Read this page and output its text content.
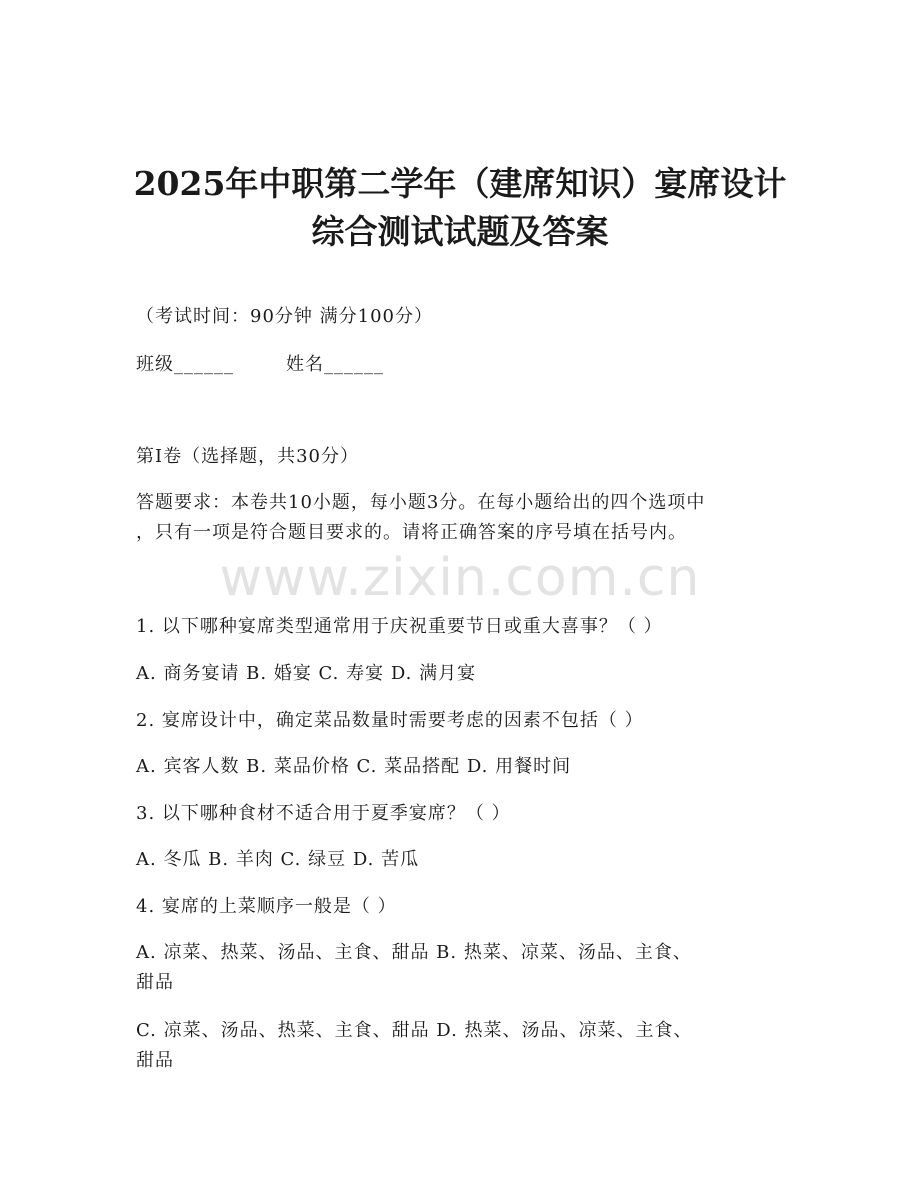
2025年中职第二学年（建席知识）宴席设计
综合测试试题及答案
（考试时间：90分钟 满分100分）
班级______	姓名______
第I卷（选择题，共30分）
答题要求：本卷共10小题，每小题3分。在每小题给出的四个选项中
，只有一项是符合题目要求的。请将正确答案的序号填在括号内。
www.zixin.com.cn
1. 以下哪种宴席类型通常用于庆祝重要节日或重大喜事？（ ）
A. 商务宴请 B. 婚宴 C. 寿宴 D. 满月宴
2. 宴席设计中，确定菜品数量时需要考虑的因素不包括（ ）
A. 宾客人数 B. 菜品价格 C. 菜品搭配 D. 用餐时间
3. 以下哪种食材不适合用于夏季宴席？（ ）
A. 冬瓜 B. 羊肉 C. 绿豆 D. 苦瓜
4. 宴席的上菜顺序一般是（ ）
A. 凉菜、热菜、汤品、主食、甜品 B. 热菜、凉菜、汤品、主食、
甜品
C. 凉菜、汤品、热菜、主食、甜品 D. 热菜、汤品、凉菜、主食、
甜品
